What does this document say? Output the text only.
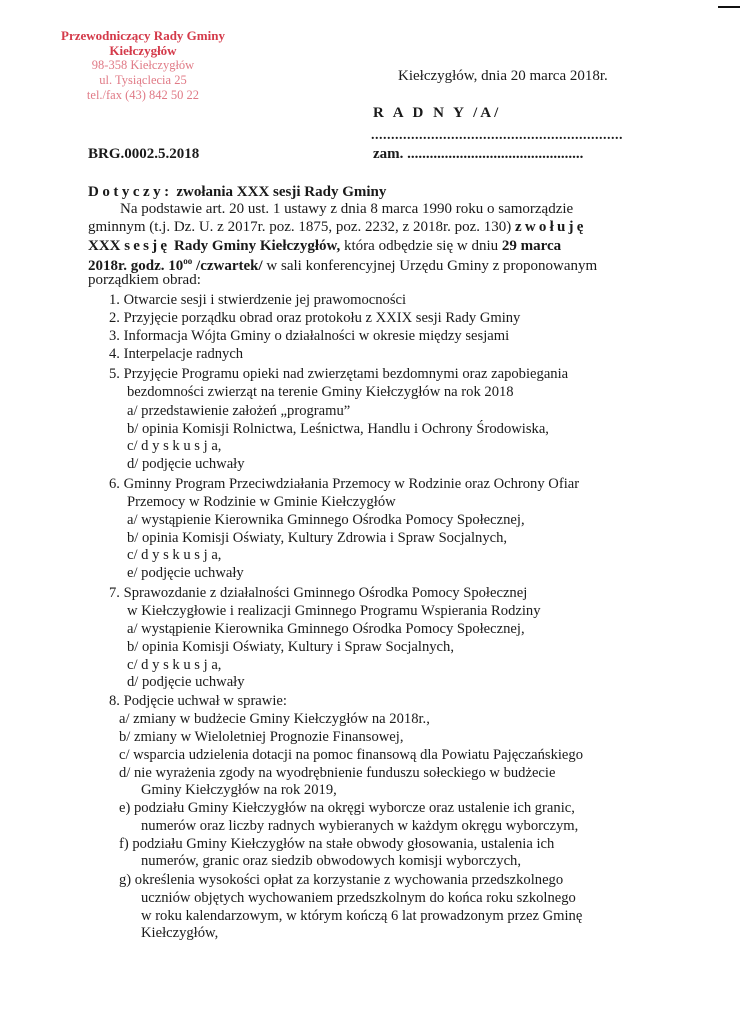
Przewodniczący Rady Gminy
Kiełczygłów
98-358 Kiełczygłów
ul. Tysiąclecia 25
tel./fax (43) 842 50 22
Kiełczygłów, dnia 20 marca 2018r.
R A D N Y /A/
...............................................................
BRG.0002.5.2018	zam. ...............................................
Dotyczy: zwołania XXX sesji Rady Gminy
Na podstawie art. 20 ust. 1 ustawy z dnia 8 marca 1990 roku o samorządzie
gminnym (t.j. Dz. U. z 2017r. poz. 1875, poz. 2232, z 2018r. poz. 130) zwołuję
XXX sesję Rady Gminy Kiełczygłów, która odbędzie się w dniu 29 marca
2018r. godz. $10^{oo}$ /czwartek/ w sali konferencyjnej Urzędu Gminy z proponowanym
porządkiem obrad:
1. Otwarcie sesji i stwierdzenie jej prawomocności
2. Przyjęcie porządku obrad oraz protokołu z XXIX sesji Rady Gminy
3. Informacja Wójta Gminy o działalności w okresie między sesjami
4. Interpelacje radnych
5. Przyjęcie Programu opieki nad zwierzętami bezdomnymi oraz zapobiegania
bezdomności zwierząt na terenie Gminy Kiełczygłów na rok 2018
a/ przedstawienie założeń „programu”
b/ opinia Komisji Rolnictwa, Leśnictwa, Handlu i Ochrony Środowiska,
c/ d y s k u s j a,
d/ podjęcie uchwały
6. Gminny Program Przeciwdziałania Przemocy w Rodzinie oraz Ochrony Ofiar
Przemocy w Rodzinie w Gminie Kiełczygłów
a/ wystąpienie Kierownika Gminnego Ośrodka Pomocy Społecznej,
b/ opinia Komisji Oświaty, Kultury Zdrowia i Spraw Socjalnych,
c/ d y s k u s j a,
e/ podjęcie uchwały
7. Sprawozdanie z działalności Gminnego Ośrodka Pomocy Społecznej
w Kiełczygłowie i realizacji Gminnego Programu Wspierania Rodziny
a/ wystąpienie Kierownika Gminnego Ośrodka Pomocy Społecznej,
b/ opinia Komisji Oświaty, Kultury i Spraw Socjalnych,
c/ d y s k u s j a,
d/ podjęcie uchwały
8. Podjęcie uchwał w sprawie:
a/ zmiany w budżecie Gminy Kiełczygłów na 2018r.,
b/ zmiany w Wieloletniej Prognozie Finansowej,
c/ wsparcia udzielenia dotacji na pomoc finansową dla Powiatu Pajęczańskiego
d/ nie wyrażenia zgody na wyodrębnienie funduszu sołeckiego w budżecie
Gminy Kiełczygłów na rok 2019,
e) podziału Gminy Kiełczygłów na okręgi wyborcze oraz ustalenie ich granic,
numerów oraz liczby radnych wybieranych w każdym okręgu wyborczym,
f) podziału Gminy Kiełczygłów na stałe obwody głosowania, ustalenia ich
numerów, granic oraz siedzib obwodowych komisji wyborczych,
g) określenia wysokości opłat za korzystanie z wychowania przedszkolnego
uczniów objętych wychowaniem przedszkolnym do końca roku szkolnego
w roku kalendarzowym, w którym kończą 6 lat prowadzonym przez Gminę
Kiełczygłów,
